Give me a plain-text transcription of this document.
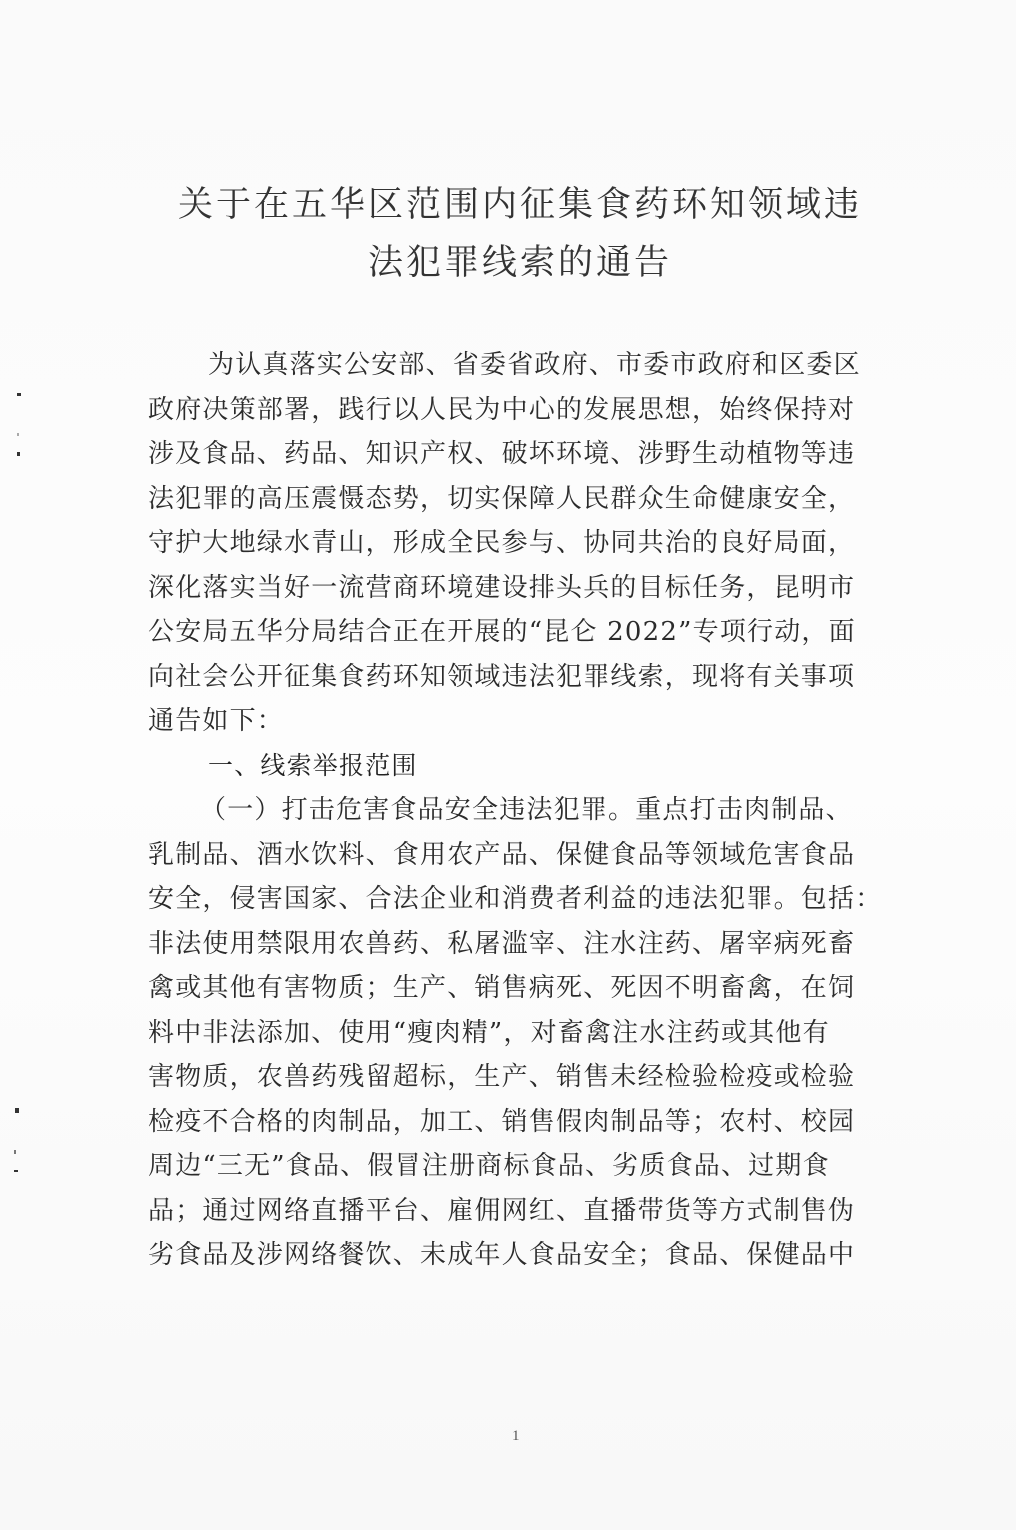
关于在五华区范围内征集食药环知领域违
法犯罪线索的通告
为认真落实公安部、省委省政府、市委市政府和区委区
政府决策部署，践行以人民为中心的发展思想，始终保持对
涉及食品、药品、知识产权、破坏环境、涉野生动植物等违
法犯罪的高压震慑态势，切实保障人民群众生命健康安全，
守护大地绿水青山，形成全民参与、协同共治的良好局面，
深化落实当好一流营商环境建设排头兵的目标任务，昆明市
公安局五华分局结合正在开展的“昆仑 2022”专项行动，面
向社会公开征集食药环知领域违法犯罪线索，现将有关事项
通告如下：
一、线索举报范围
（一）打击危害食品安全违法犯罪。重点打击肉制品、
乳制品、酒水饮料、食用农产品、保健食品等领域危害食品
安全，侵害国家、合法企业和消费者利益的违法犯罪。包括：
非法使用禁限用农兽药、私屠滥宰、注水注药、屠宰病死畜
禽或其他有害物质；生产、销售病死、死因不明畜禽，在饲
料中非法添加、使用“瘦肉精”，对畜禽注水注药或其他有
害物质，农兽药残留超标，生产、销售未经检验检疫或检验
检疫不合格的肉制品，加工、销售假肉制品等；农村、校园
周边“三无”食品、假冒注册商标食品、劣质食品、过期食
品；通过网络直播平台、雇佣网红、直播带货等方式制售伪
劣食品及涉网络餐饮、未成年人食品安全；食品、保健品中
1
